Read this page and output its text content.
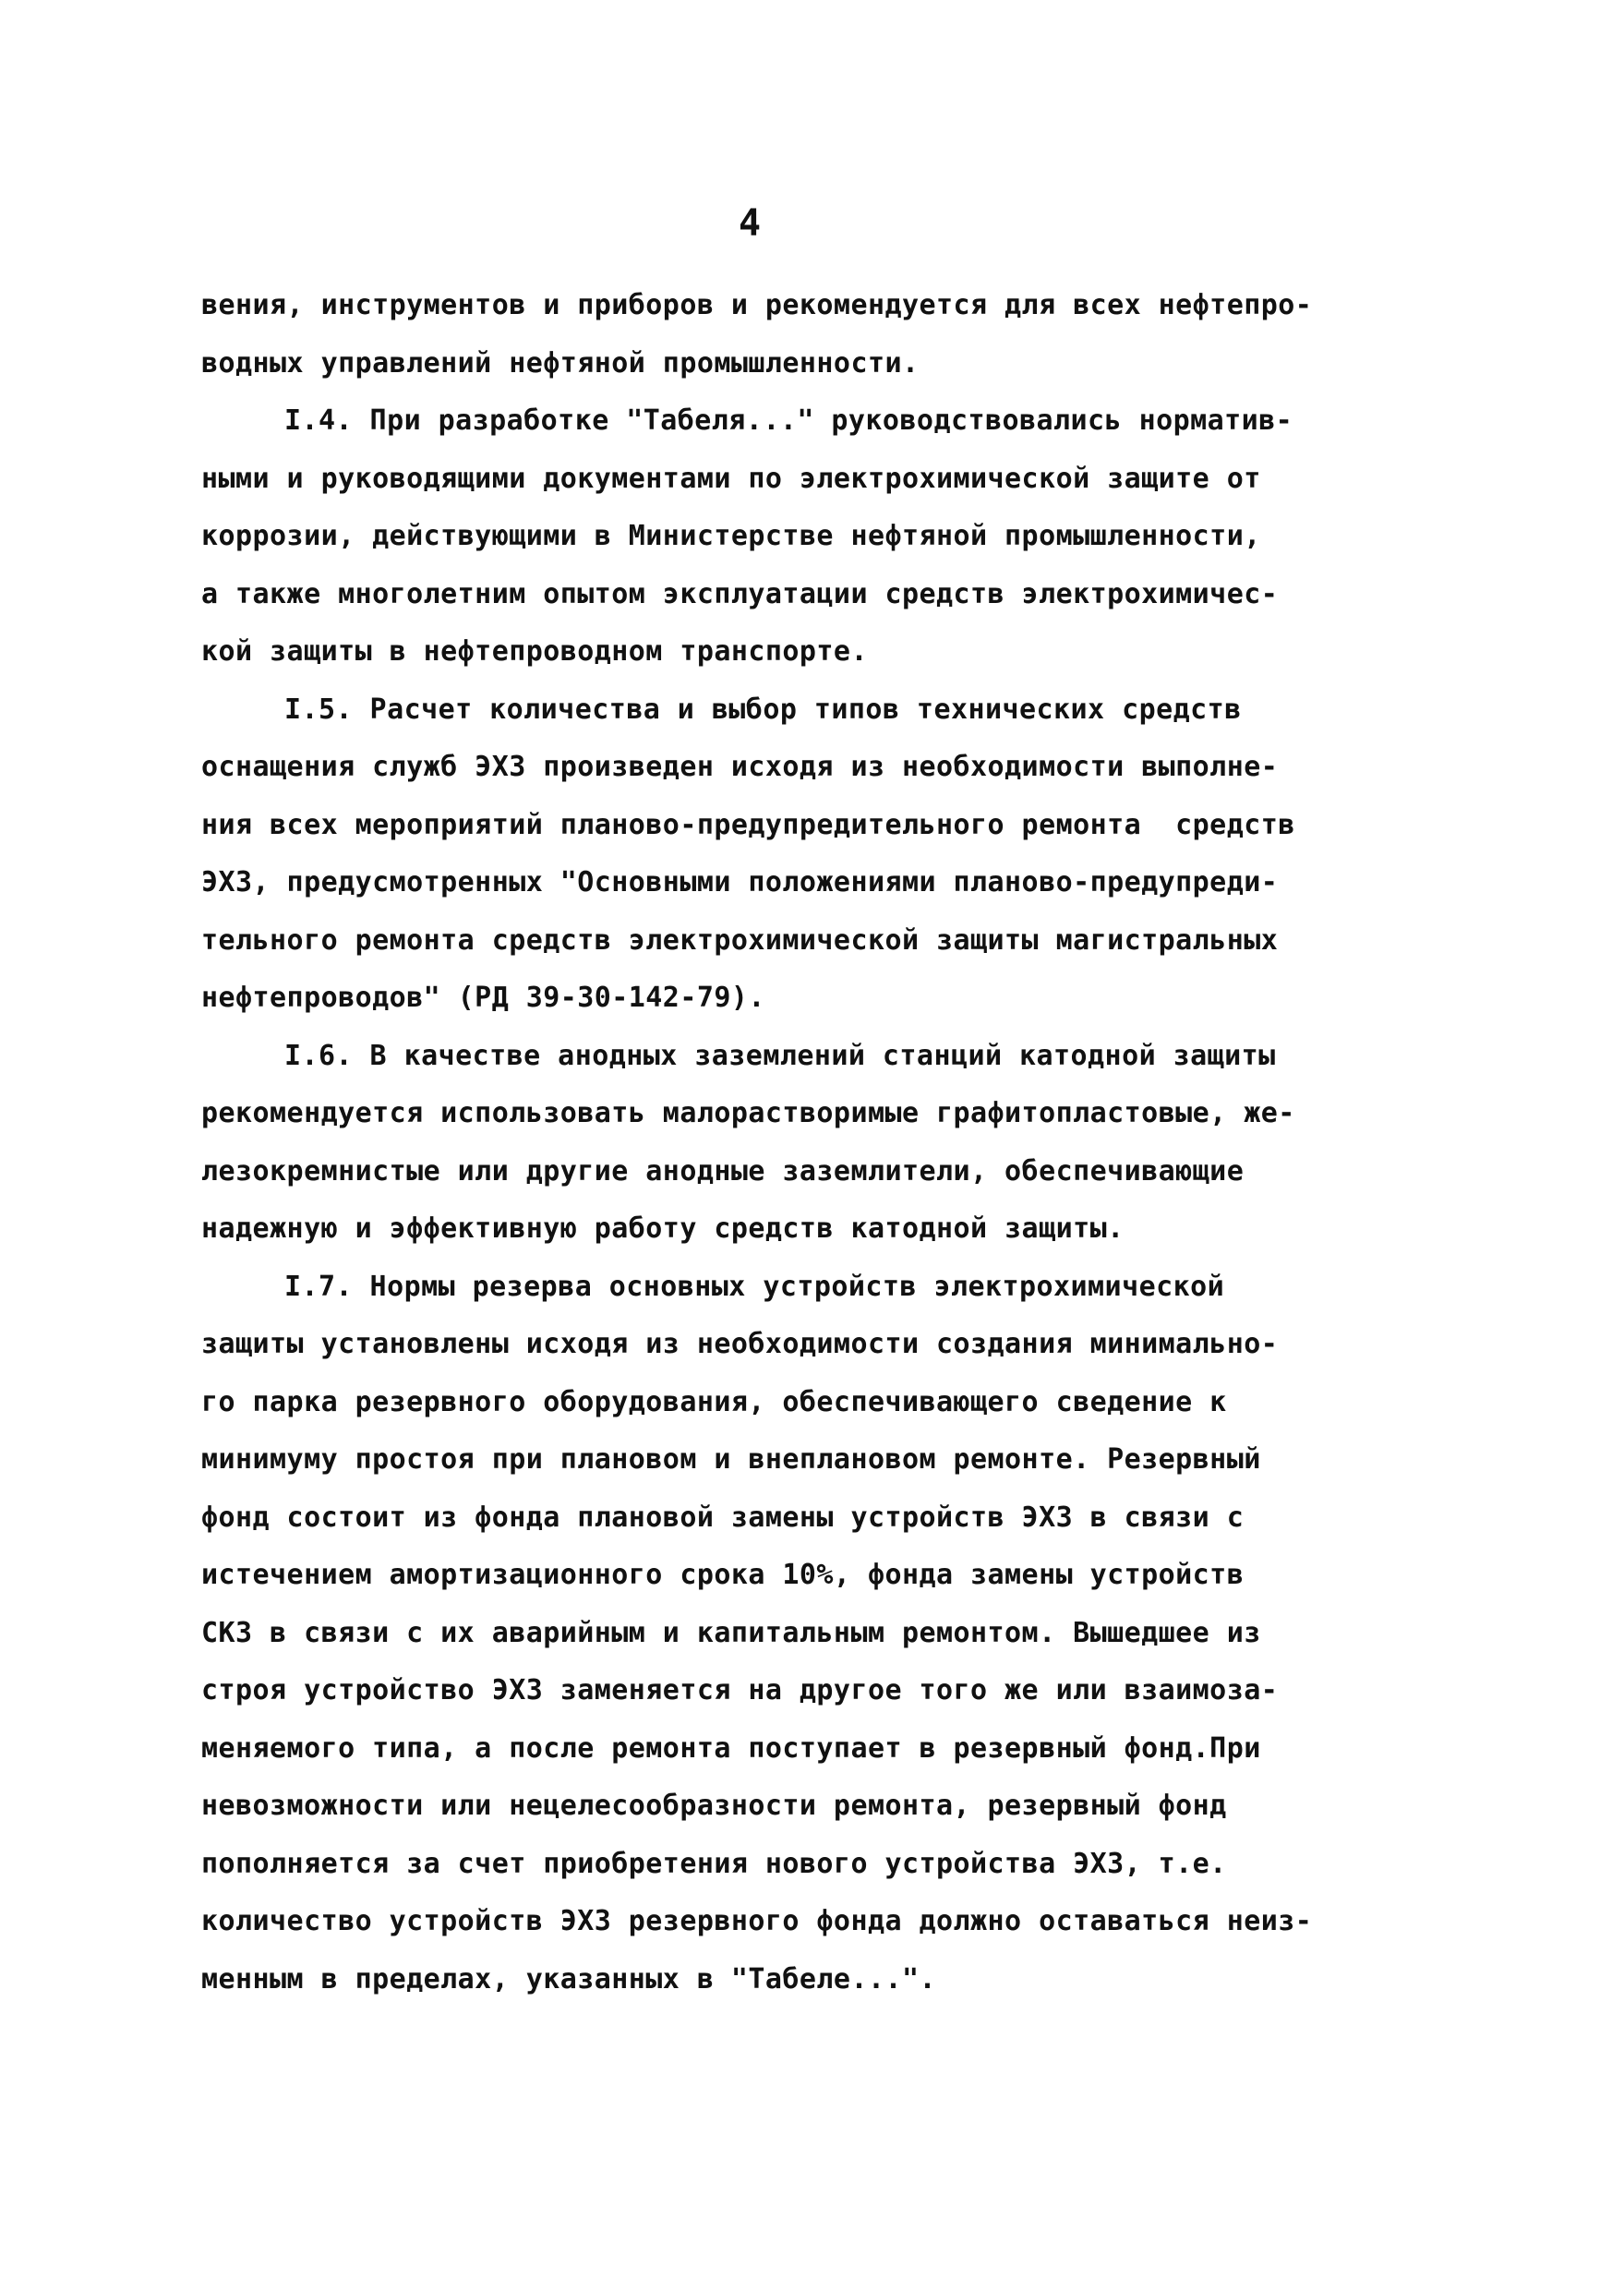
4
вения, инструментов и приборов и рекомендуется для всех нефтепро-
водных управлений нефтяной промышленности.
I.4. При разработке "Табеля..." руководствовались норматив-
ными и руководящими документами по электрохимической защите от
коррозии, действующими в Министерстве нефтяной промышленности,
а также многолетним опытом эксплуатации средств электрохимичес-
кой защиты в нефтепроводном транспорте.
I.5. Расчет количества и выбор типов технических средств
оснащения служб ЭХЗ произведен исходя из необходимости выполне-
ния всех мероприятий планово-предупредительного ремонта  средств
ЭХЗ, предусмотренных "Основными положениями планово-предупреди-
тельного ремонта средств электрохимической защиты магистральных
нефтепроводов" (РД 39-30-142-79).
I.6. В качестве анодных заземлений станций катодной защиты
рекомендуется использовать малорастворимые графитопластовые, же-
лезокремнистые или другие анодные заземлители, обеспечивающие
надежную и эффективную работу средств катодной защиты.
I.7. Нормы резерва основных устройств электрохимической
защиты установлены исходя из необходимости создания минимально-
го парка резервного оборудования, обеспечивающего сведение к
минимуму простоя при плановом и внеплановом ремонте. Резервный
фонд состоит из фонда плановой замены устройств ЭХЗ в связи с
истечением амортизационного срока 10%, фонда замены устройств
СКЗ в связи с их аварийным и капитальным ремонтом. Вышедшее из
строя устройство ЭХЗ заменяется на другое того же или взаимоза-
меняемого типа, а после ремонта поступает в резервный фонд.При
невозможности или нецелесообразности ремонта, резервный фонд
пополняется за счет приобретения нового устройства ЭХЗ, т.е.
количество устройств ЭХЗ резервного фонда должно оставаться неиз-
менным в пределах, указанных в "Табеле...".
